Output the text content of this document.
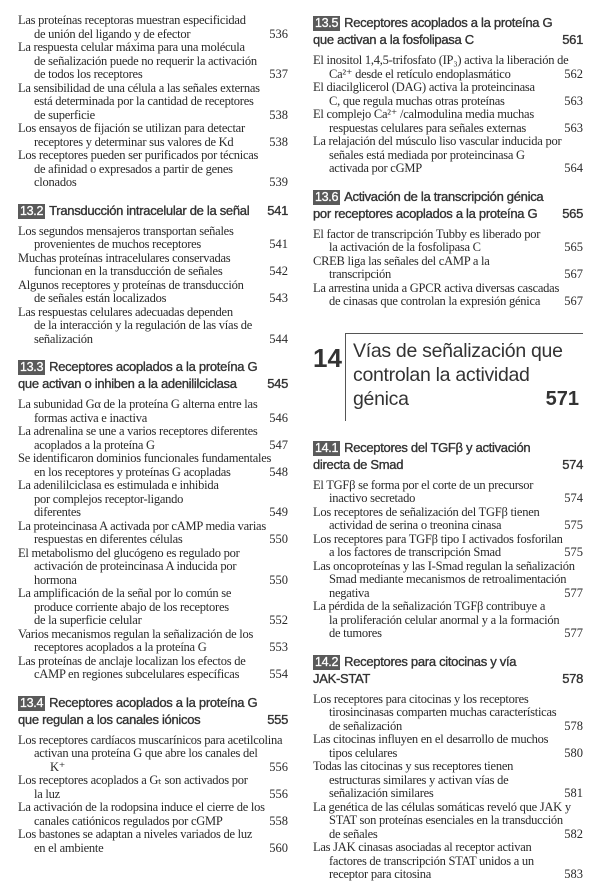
Las proteínas receptoras muestran especificidad
de unión del ligando y de efector	536
La respuesta celular máxima para una molécula
de señalización puede no requerir la activación
de todos los receptores	537
La sensibilidad de una célula a las señales externas
está determinada por la cantidad de receptores
de superficie	538
Los ensayos de fijación se utilizan para detectar
receptores y determinar sus valores de Kd	538
Los receptores pueden ser purificados por técnicas
de afinidad o expresados a partir de genes
clonados	539
13.2 Transducción intracelular de la señal 541
Los segundos mensajeros transportan señales
provenientes de muchos receptores	541
Muchas proteínas intracelulares conservadas
funcionan en la transducción de señales	542
Algunos receptores y proteínas de transducción
de señales están localizados	543
Las respuestas celulares adecuadas dependen
de la interacción y la regulación de las vías de
señalización	544
13.3 Receptores acoplados a la proteína G
que activan o inhiben a la adenililciclasa 545
La subunidad Gα de la proteína G alterna entre las
formas activa e inactiva	546
La adrenalina se une a varios receptores diferentes
acoplados a la proteína G	547
Se identificaron dominios funcionales fundamentales
en los receptores y proteínas G acopladas	548
La adenililciclasa es estimulada e inhibida
por complejos receptor-ligando
diferentes	549
La proteincinasa A activada por cAMP media varias
respuestas en diferentes células	550
El metabolismo del glucógeno es regulado por
activación de proteincinasa A inducida por
hormona	550
La amplificación de la señal por lo común se
produce corriente abajo de los receptores
de la superficie celular	552
Varios mecanismos regulan la señalización de los
receptores acoplados a la proteína G	553
Las proteínas de anclaje localizan los efectos de
cAMP en regiones subcelulares específicas	554
13.4 Receptores acoplados a la proteína G
que regulan a los canales iónicos	555
Los receptores cardíacos muscarínicos para acetilcolina
activan una proteína G que abre los canales del K⁺	556
Los receptores acoplados a Gₜ son activados por
la luz	556
La activación de la rodopsina induce el cierre de los
canales catiónicos regulados por cGMP	558
Los bastones se adaptan a niveles variados de luz
en el ambiente	560
13.5 Receptores acoplados a la proteína G
que activan a la fosfolipasa C	561
El inositol 1,4,5-trifosfato (IP₃) activa la liberación de
Ca²⁺ desde el retículo endoplasmático	562
El diacilglicerol (DAG) activa la proteincinasa
C, que regula muchas otras proteínas	563
El complejo Ca²⁺ /calmodulina media muchas
respuestas celulares para señales externas	563
La relajación del músculo liso vascular inducida por
señales está mediada por proteincinasa G
activada por cGMP	564
13.6 Activación de la transcripción génica
por receptores acoplados a la proteína G 565
El factor de transcripción Tubby es liberado por
la activación de la fosfolipasa C	565
CREB liga las señales del cAMP a la transcripción	567
La arrestina unida a GPCR activa diversas cascadas
de cinasas que controlan la expresión génica	567
14 Vías de señalización que
controlan la actividad
génica	571
14.1 Receptores del TGFβ y activación
directa de Smad	574
El TGFβ se forma por el corte de un precursor
inactivo secretado	574
Los receptores de señalización del TGFβ tienen
actividad de serina o treonina cinasa	575
Los receptores para TGFβ tipo I activados fosforilan
a los factores de transcripción Smad	575
Las oncoproteínas y las I-Smad regulan la señalización
Smad mediante mecanismos de retroalimentación
negativa	577
La pérdida de la señalización TGFβ contribuye a
la proliferación celular anormal y a la formación
de tumores	577
14.2 Receptores para citocinas y vía
JAK-STAT	578
Los receptores para citocinas y los receptores
tirosincinasas comparten muchas características
de señalización	578
Las citocinas influyen en el desarrollo de muchos
tipos celulares	580
Todas las citocinas y sus receptores tienen
estructuras similares y activan vías de
señalización similares	581
La genética de las células somáticas reveló que JAK y
STAT son proteínas esenciales en la transducción
de señales	582
Las JAK cinasas asociadas al receptor activan
factores de transcripción STAT unidos a un
receptor para citosina	583
